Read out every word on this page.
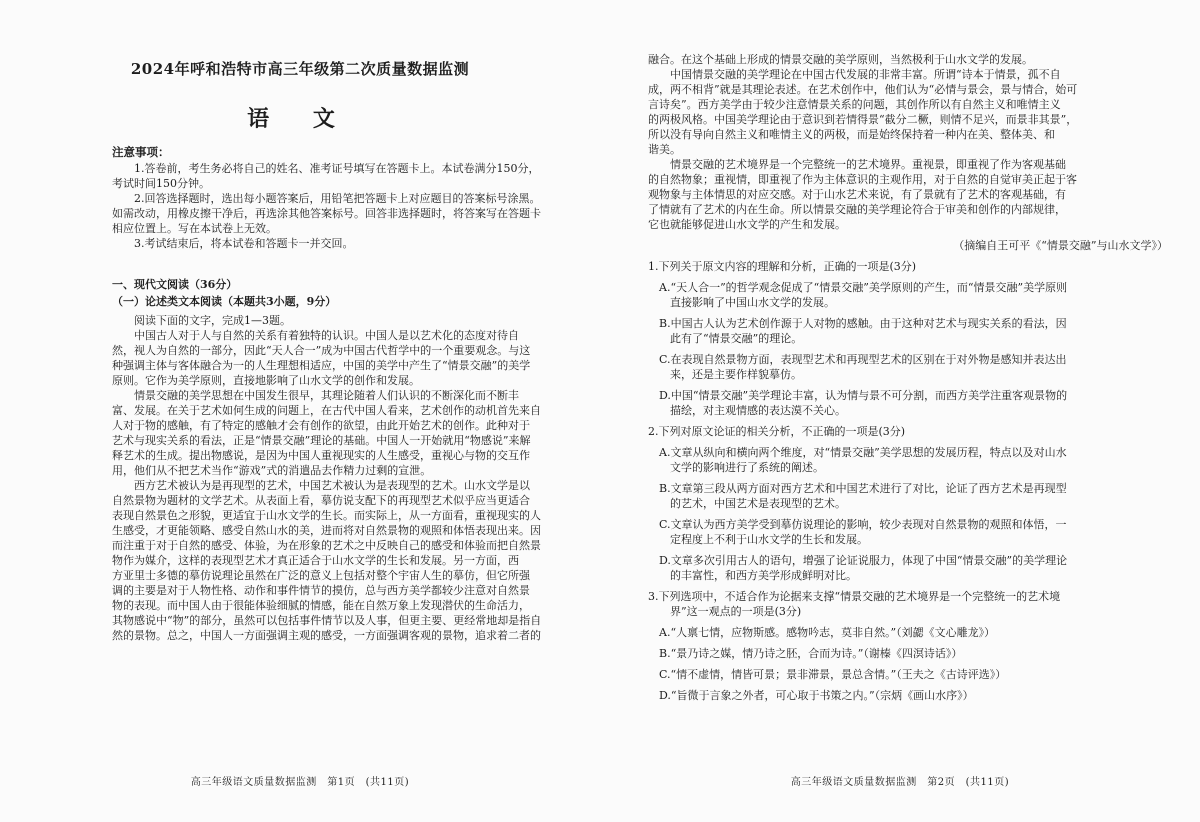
2024年呼和浩特市高三年级第二次质量数据监测
语 文
注意事项：
1.答卷前，考生务必将自己的姓名、准考证号填写在答题卡上。本试卷满分150分，
考试时间150分钟。
2.回答选择题时，选出每小题答案后，用铅笔把答题卡上对应题目的答案标号涂黑。
如需改动，用橡皮擦干净后，再选涂其他答案标号。回答非选择题时，将答案写在答题卡
相应位置上。写在本试卷上无效。
3.考试结束后，将本试卷和答题卡一并交回。
一、现代文阅读（36分）
（一）论述类文本阅读（本题共3小题，9分）
阅读下面的文字，完成1—3题。
中国古人对于人与自然的关系有着独特的认识。中国人是以艺术化的态度对待自
然，视人为自然的一部分，因此“天人合一”成为中国古代哲学中的一个重要观念。与这
种强调主体与客体融合为一的人生理想相适应，中国的美学中产生了“情景交融”的美学
原则。它作为美学原则，直接地影响了山水文学的创作和发展。
情景交融的美学思想在中国发生很早，其理论随着人们认识的不断深化而不断丰
富、发展。在关于艺术如何生成的问题上，在古代中国人看来，艺术创作的动机首先来自
人对于物的感触，有了特定的感触才会有创作的欲望，由此开始艺术的创作。此种对于
艺术与现实关系的看法，正是“情景交融”理论的基础。中国人一开始就用“物感说”来解
释艺术的生成。提出物感说，是因为中国人重视现实的人生感受，重视心与物的交互作
用，他们从不把艺术当作“游戏”式的消遣品去作精力过剩的宣泄。
西方艺术被认为是再现型的艺术，中国艺术被认为是表现型的艺术。山水文学是以
自然景物为题材的文学艺术。从表面上看，摹仿说支配下的再现型艺术似乎应当更适合
表现自然景色之形貌，更适宜于山水文学的生长。而实际上，从一方面看，重视现实的人
生感受，才更能领略、感受自然山水的美，进而将对自然景物的观照和体悟表现出来。因
而注重于对于自然的感受、体验，为在形象的艺术之中反映自己的感受和体验而把自然景
物作为媒介，这样的表现型艺术才真正适合于山水文学的生长和发展。另一方面，西
方亚里士多德的摹仿说理论虽然在广泛的意义上包括对整个宇宙人生的摹仿，但它所强
调的主要是对于人物性格、动作和事件情节的摸仿，总与西方美学都较少注意对自然景
物的表现。而中国人由于很能体验细腻的情感，能在自然万象上发现潜伏的生命活力，
其物感说中“物”的部分，虽然可以包括事件情节以及人事，但更主要、更经常地却是指自
然的景物。总之，中国人一方面强调主观的感受，一方面强调客观的景物，追求着二者的
高三年级语文质量数据监测　第1页　(共11页)
融合。在这个基础上形成的情景交融的美学原则，当然极利于山水文学的发展。
中国情景交融的美学理论在中国古代发展的非常丰富。所谓“诗本于情景，孤不自
成，两不相背”就是其理论表述。在艺术创作中，他们认为“必情与景会，景与情合，始可
言诗矣”。西方美学由于较少注意情景关系的问题，其创作所以有自然主义和唯情主义
的两极风格。中国美学理论由于意识到若情得景“截分二橛，则情不足兴，而景非其景”，
所以没有导向自然主义和唯情主义的两极，而是始终保持着一种内在美、整体美、和
谐美。
情景交融的艺术境界是一个完整统一的艺术境界。重视景，即重视了作为客观基础
的自然物象；重视情，即重视了作为主体意识的主观作用，对于自然的自觉审美正起于客
观物象与主体情思的对应交感。对于山水艺术来说，有了景就有了艺术的客观基础，有
了情就有了艺术的内在生命。所以情景交融的美学理论符合于审美和创作的内部规律，
它也就能够促进山水文学的产生和发展。
（摘编自王可平《“情景交融”与山水文学》）
1.下列关于原文内容的理解和分析，正确的一项是(3分)
A.“天人合一”的哲学观念促成了“情景交融”美学原则的产生，而“情景交融”美学原则
直接影响了中国山水文学的发展。
B.中国古人认为艺术创作源于人对物的感触。由于这种对艺术与现实关系的看法，因
此有了“情景交融”的理论。
C.在表现自然景物方面，表现型艺术和再现型艺术的区别在于对外物是感知并表达出
来，还是主要作样貌摹仿。
D.中国“情景交融”美学理论丰富，认为情与景不可分割，而西方美学注重客观景物的
描绘，对主观情感的表达漠不关心。
2.下列对原文论证的相关分析，不正确的一项是(3分)
A.文章从纵向和横向两个维度，对“情景交融”美学思想的发展历程，特点以及对山水
文学的影响进行了系统的阐述。
B.文章第三段从两方面对西方艺术和中国艺术进行了对比，论证了西方艺术是再现型
的艺术，中国艺术是表现型的艺术。
C.文章认为西方美学受到摹仿说理论的影响，较少表现对自然景物的观照和体悟，一
定程度上不利于山水文学的生长和发展。
D.文章多次引用古人的语句，增强了论证说服力，体现了中国“情景交融”的美学理论
的丰富性，和西方美学形成鲜明对比。
3.下列选项中，不适合作为论据来支撑“情景交融的艺术境界是一个完整统一的艺术境
界”这一观点的一项是(3分)
A.“人禀七情，应物斯感。感物吟志，莫非自然。”（刘勰《文心雕龙》）
B.“景乃诗之媒，情乃诗之胚，合而为诗。”（谢榛《四溟诗话》）
C.“情不虚情，情皆可景；景非滞景，景总含情。”（王夫之《古诗评选》）
D.“旨微于言象之外者，可心取于书策之内。”（宗炳《画山水序》）
高三年级语文质量数据监测　第2页　(共11页)
